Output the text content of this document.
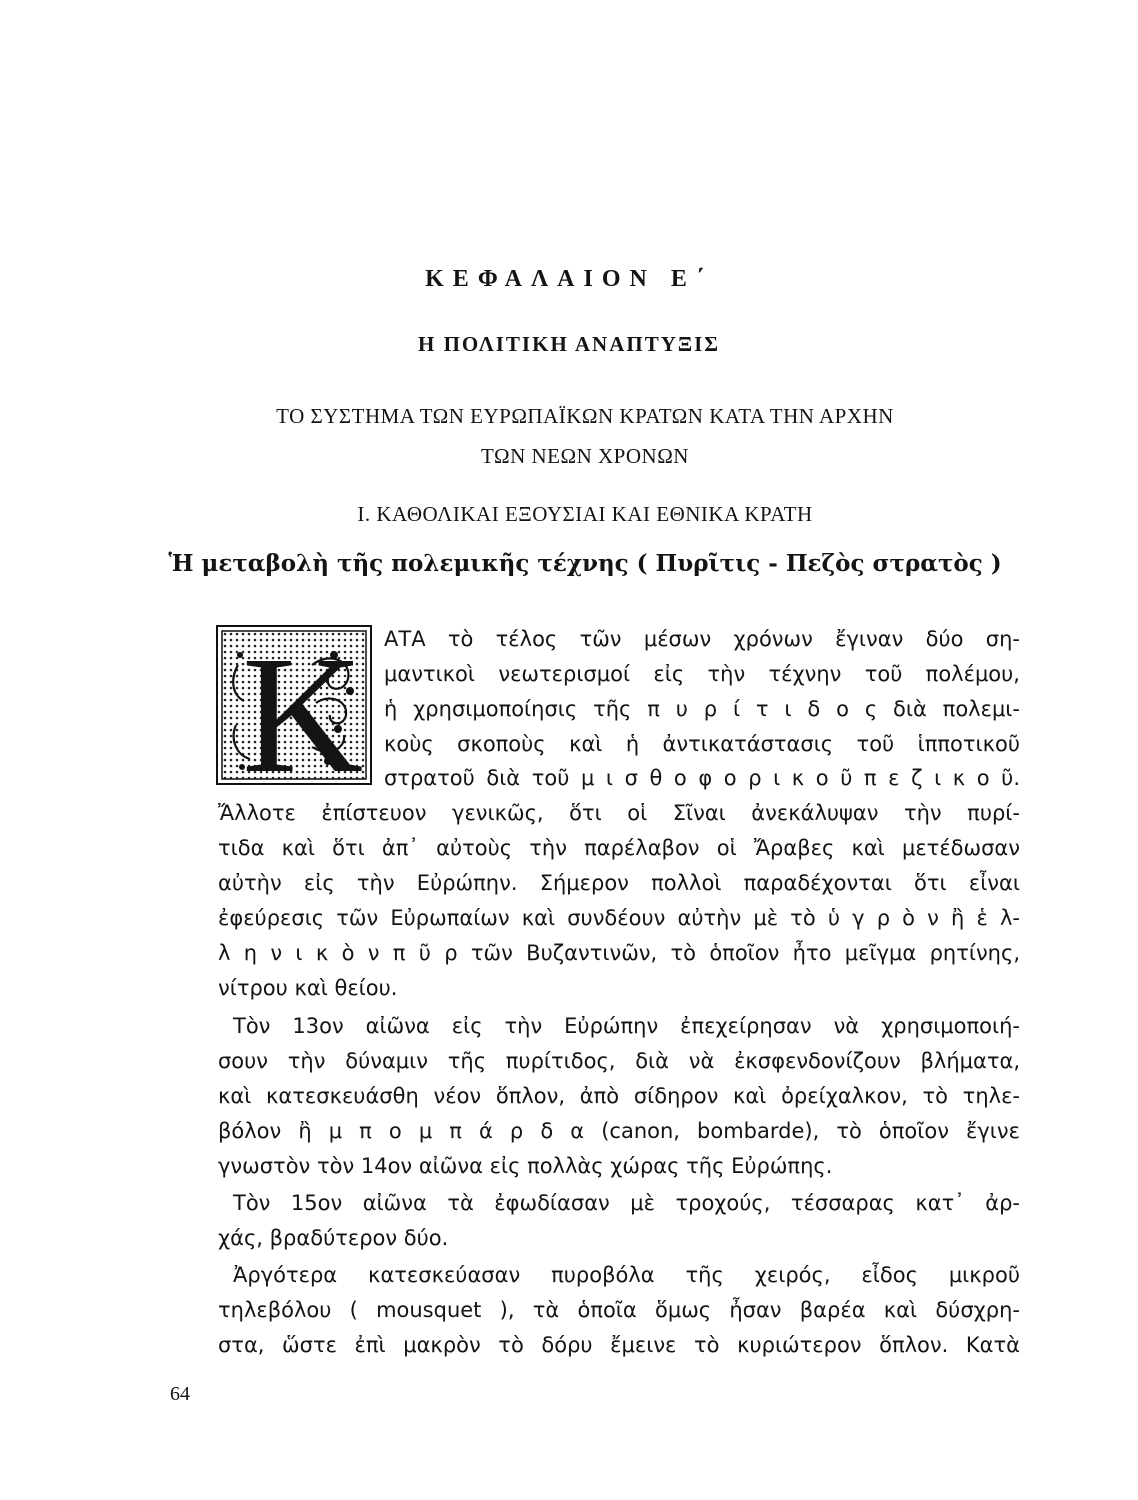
ΚΕΦΑΛΑΙΟΝ Ε΄
Η ΠΟΛΙΤΙΚΗ ΑΝΑΠΤΥΞΙΣ
ΤΟ ΣΥΣΤΗΜΑ ΤΩΝ ΕΥΡΩΠΑΪΚΩΝ ΚΡΑΤΩΝ ΚΑΤΑ ΤΗΝ ΑΡΧΗΝ
ΤΩΝ ΝΕΩΝ ΧΡΟΝΩΝ
Ι. ΚΑΘΟΛΙΚΑΙ ΕΞΟΥΣΙΑΙ ΚΑΙ ΕΘΝΙΚΑ ΚΡΑΤΗ
Ἡ μεταβολὴ τῆς πολεμικῆς τέχνης ( Πυρῖτις - Πεζὸς στρατὸς )
Κ ΑΤΑ τὸ τέλος τῶν μέσων χρόνων ἔγιναν δύο ση-
μαντικοὶ νεωτερισμοί εἰς τὴν τέχνην τοῦ πολέμου,
ἡ χρησιμοποίησις τῆς π υ ρ ί τ ι δ ο ς διὰ πολεμι-
κοὺς σκοποὺς καὶ ἡ ἀντικατάστασις τοῦ ἱπποτικοῦ
στρατοῦ διὰ τοῦ μ ι σ θ ο φ ο ρ ι κ ο ῦ π ε ζ ι κ ο ῦ.
Ἄλλοτε ἐπίστευον γενικῶς, ὅτι οἱ Σῖναι ἀνεκάλυψαν τὴν πυρί-
τιδα καὶ ὅτι ἀπ᾿ αὐτοὺς τὴν παρέλαβον οἱ Ἄραβες καὶ μετέδωσαν
αὐτὴν εἰς τὴν Εὐρώπην. Σήμερον πολλοὶ παραδέχονται ὅτι εἶναι
ἐφεύρεσις τῶν Εὐρωπαίων καὶ συνδέουν αὐτὴν μὲ τὸ ὑ γ ρ ὸ ν ἢ ἑ λ-
λ η ν ι κ ὸ ν π ῦ ρ τῶν Βυζαντινῶν, τὸ ὁποῖον ἦτο μεῖγμα ρητίνης,
νίτρου καὶ θείου.
Τὸν 13ον αἰῶνα εἰς τὴν Εὐρώπην ἐπεχείρησαν νὰ χρησιμοποιή-
σουν τὴν δύναμιν τῆς πυρίτιδος, διὰ νὰ ἐκσφενδονίζουν βλήματα,
καὶ κατεσκευάσθη νέον ὅπλον, ἀπὸ σίδηρον καὶ ὀρείχαλκον, τὸ τηλε-
βόλον ἢ μ π ο μ π ά ρ δ α (canon, bombarde), τὸ ὁποῖον ἔγινε
γνωστὸν τὸν 14ον αἰῶνα εἰς πολλὰς χώρας τῆς Εὐρώπης.
Τὸν 15ον αἰῶνα τὰ ἐφωδίασαν μὲ τροχούς, τέσσαρας κατ᾿ ἀρ-
χάς, βραδύτερον δύο.
Ἀργότερα κατεσκεύασαν πυροβόλα τῆς χειρός, εἶδος μικροῦ
τηλεβόλου ( mousquet ), τὰ ὁποῖα ὅμως ἦσαν βαρέα καὶ δύσχρη-
στα, ὥστε ἐπὶ μακρὸν τὸ δόρυ ἔμεινε τὸ κυριώτερον ὅπλον. Κατὰ
64
